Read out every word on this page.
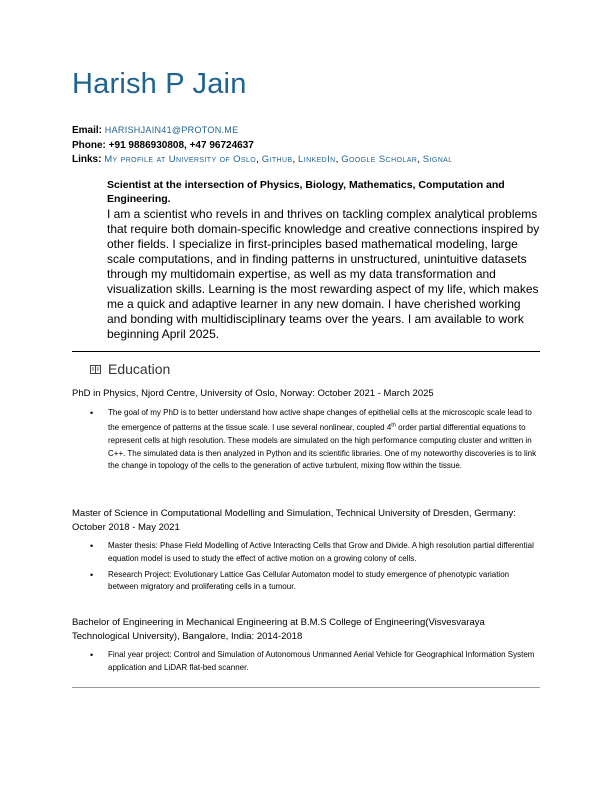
Harish P Jain
Email: HARISHJAIN41@PROTON.ME
Phone: +91 9886930808, +47 96724637
Links: My profile at University of Oslo, Github, LinkedIn, Google Scholar, Signal
Scientist at the intersection of Physics, Biology, Mathematics, Computation and Engineering.
I am a scientist who revels in and thrives on tackling complex analytical problems that require both domain-specific knowledge and creative connections inspired by other fields. I specialize in first-principles based mathematical modeling, large scale computations, and in finding patterns in unstructured, unintuitive datasets through my multidomain expertise, as well as my data transformation and visualization skills. Learning is the most rewarding aspect of my life, which makes me a quick and adaptive learner in any new domain. I have cherished working and bonding with multidisciplinary teams over the years. I am available to work beginning April 2025.
Education
PhD in Physics, Njord Centre, University of Oslo, Norway: October 2021 - March 2025
• The goal of my PhD is to better understand how active shape changes of epithelial cells at the microscopic scale lead to the emergence of patterns at the tissue scale. I use several nonlinear, coupled 4th order partial differential equations to represent cells at high resolution. These models are simulated on the high performance computing cluster and written in C++. The simulated data is then analyzed in Python and its scientific libraries. One of my noteworthy discoveries is to link the change in topology of the cells to the generation of active turbulent, mixing flow within the tissue.
Master of Science in Computational Modelling and Simulation, Technical University of Dresden, Germany: October 2018 - May 2021
• Master thesis: Phase Field Modelling of Active Interacting Cells that Grow and Divide. A high resolution partial differential equation model is used to study the effect of active motion on a growing colony of cells.
• Research Project: Evolutionary Lattice Gas Cellular Automaton model to study emergence of phenotypic variation between migratory and proliferating cells in a tumour.
Bachelor of Engineering in Mechanical Engineering at B.M.S College of Engineering(Visvesvaraya Technological University), Bangalore, India: 2014-2018
• Final year project: Control and Simulation of Autonomous Unmanned Aerial Vehicle for Geographical Information System application and LiDAR flat-bed scanner.
